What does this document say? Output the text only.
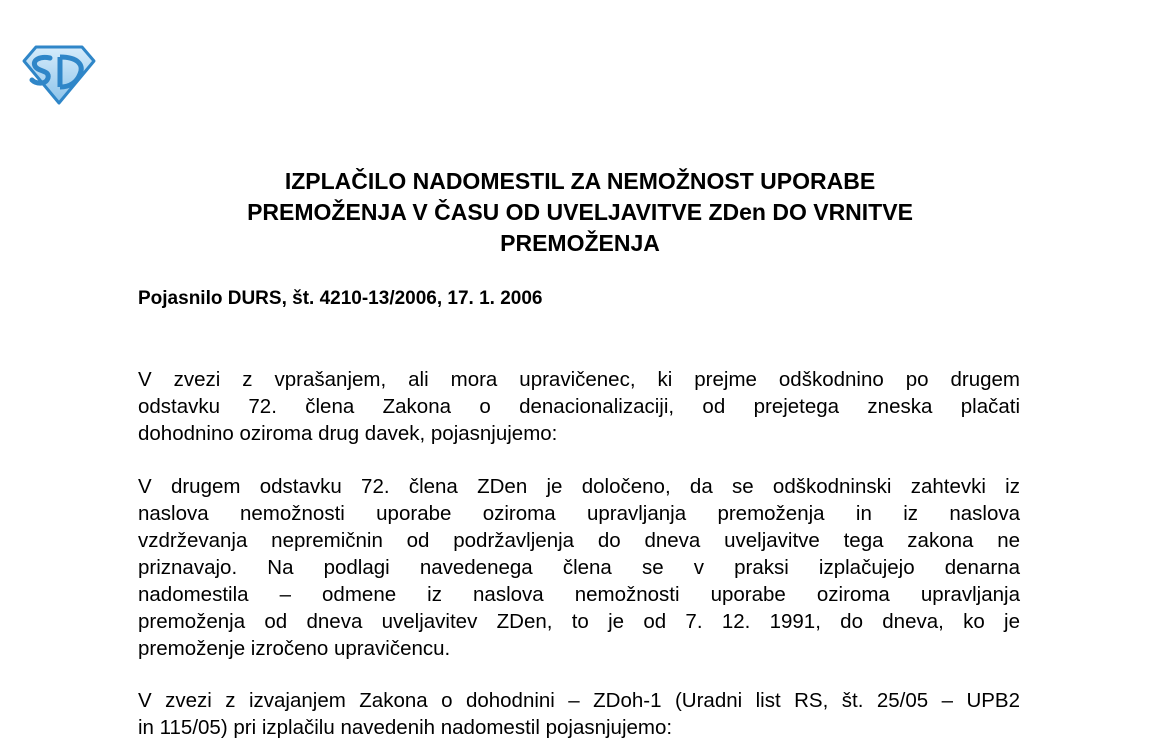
IZPLAČILO NADOMESTIL ZA NEMOŽNOST UPORABE
PREMOŽENJA V ČASU OD UVELJAVITVE ZDen DO VRNITVE
PREMOŽENJA

Pojasnilo DURS, št. 4210-13/2006, 17. 1. 2006

V zvezi z vprašanjem, ali mora upravičenec, ki prejme odškodnino po drugem
odstavku 72. člena Zakona o denacionalizaciji, od prejetega zneska plačati
dohodnino oziroma drug davek, pojasnjujemo:

V drugem odstavku 72. člena ZDen je določeno, da se odškodninski zahtevki iz
naslova nemožnosti uporabe oziroma upravljanja premoženja in iz naslova
vzdrževanja nepremičnin od podržavljenja do dneva uveljavitve tega zakona ne
priznavajo. Na podlagi navedenega člena se v praksi izplačujejo denarna
nadomestila – odmene iz naslova nemožnosti uporabe oziroma upravljanja
premoženja od dneva uveljavitev ZDen, to je od 7. 12. 1991, do dneva, ko je
premoženje izročeno upravičencu.

V zvezi z izvajanjem Zakona o dohodnini – ZDoh-1 (Uradni list RS, št. 25/05 – UPB2
in 115/05) pri izplačilu navedenih nadomestil pojasnjujemo:
